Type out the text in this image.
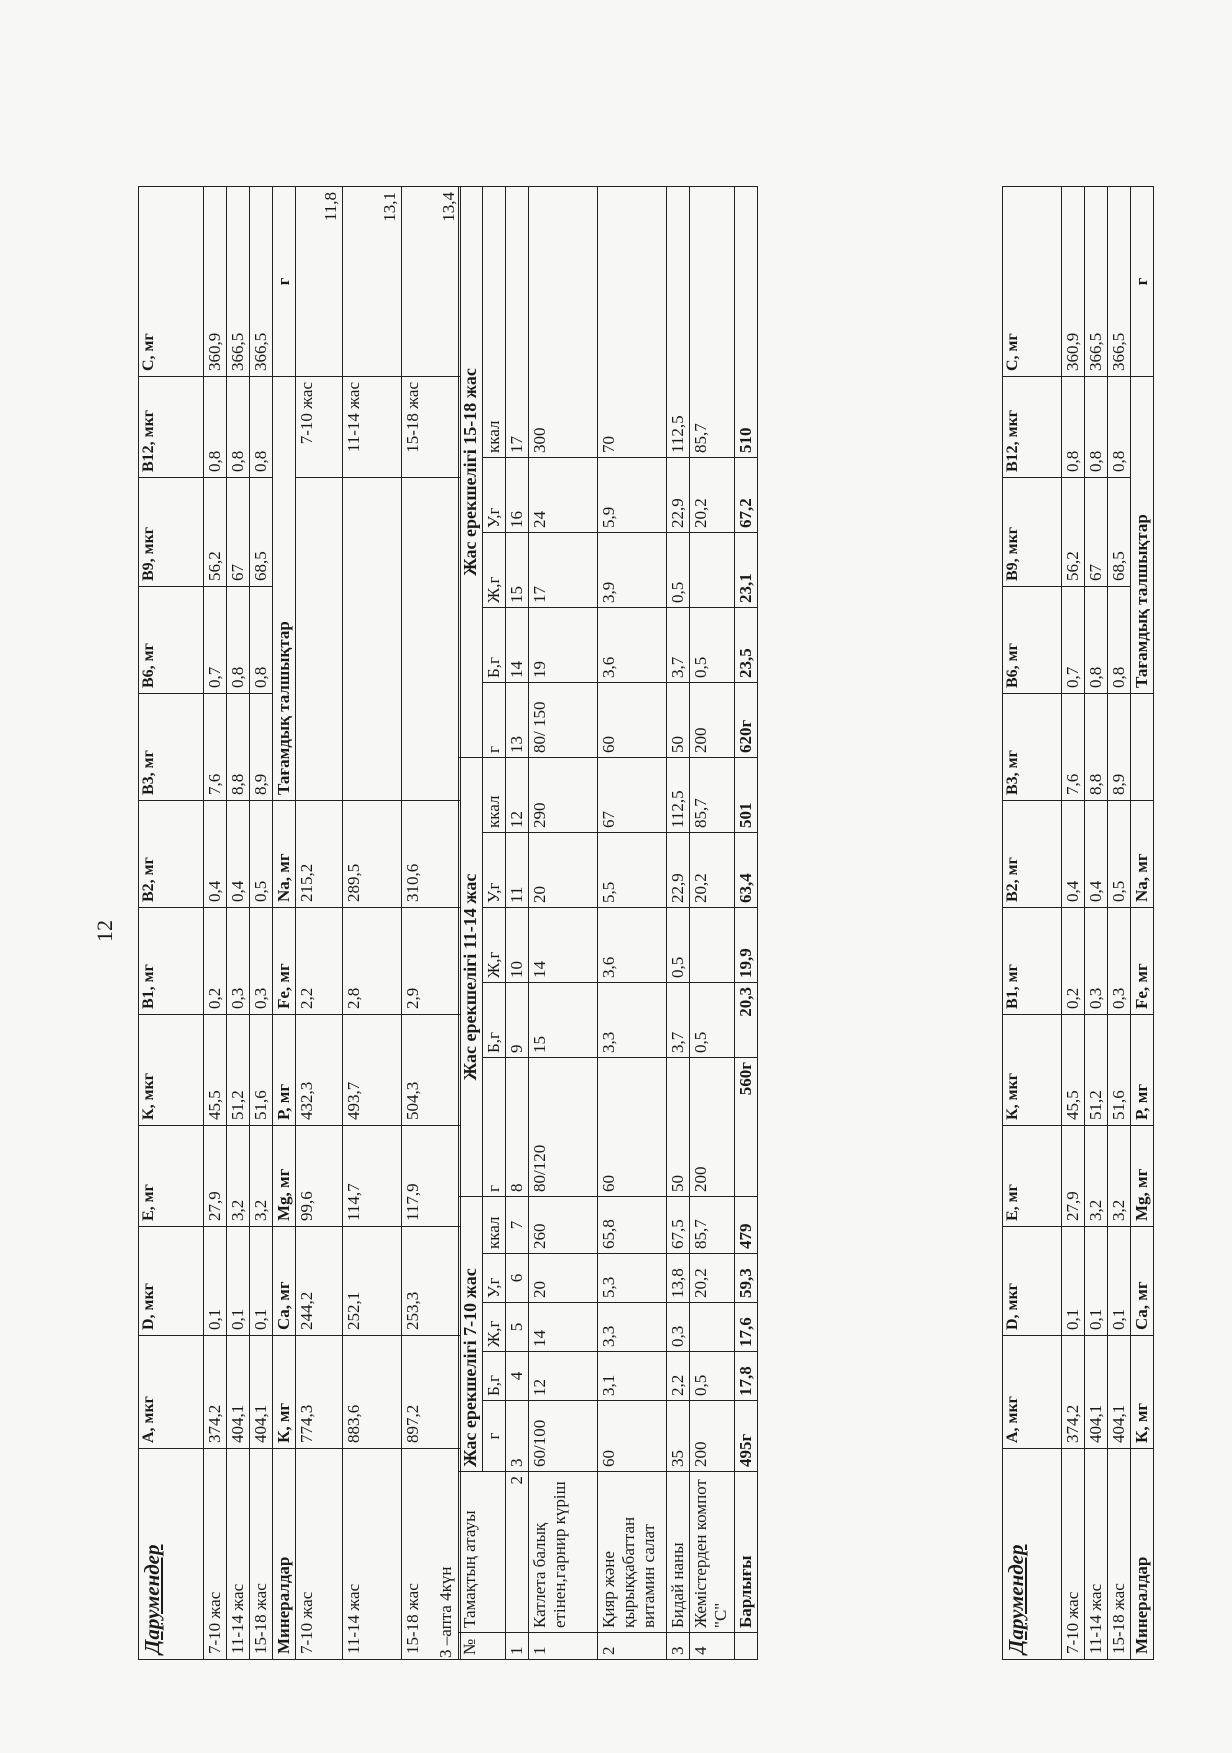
12
Дарумендер	А, мкг	D, мкг	Е, мг	К, мкг	В1, мг	В2, мг	В3, мг	В6, мг	В9, мкг	В12, мкг	С, мг
7-10 жас	374,2	0,1	27,9	45,5	0,2	0,4	7,6	0,7	56,2	0,8	360,9
11-14 жас	404,1	0,1	3,2	51,2	0,3	0,4	8,8	0,8	67	0,8	366,5
15-18 жас	404,1	0,1	3,2	51,6	0,3	0,5	8,9	0,8	68,5	0,8	366,5
Минералдар	К, мг	Са, мг	Mg, мг	Р, мг	Fe, мг	Na, мг	Тағамдық талшықтар				г
7-10 жас	774,3	244,2	99,6	432,3	2,2	215,2				7-10 жас	11,8
11-14 жас	883,6	252,1	114,7	493,7	2,8	289,5				11-14 жас	13,1
15-18 жас	897,2	253,3	117,9	504,3	2,9	310,6				15-18 жас	13,4
3 –апта 4күн №	Тамақтың атауы	Жас ерекшелігі 7-10 жас					Жас ерекшелігі 11-14 жас					Жас ерекшелігі 15-18 жас				
		г	Б,г	Ж,г	У,г	ккал	г	Б,г	Ж,г	У,г	ккал	г	Б,г	Ж,г	У,г	ккал
1	2	3	4	5	6	7	8	9	10	11	12	13	14	15	16	17
1	Катлета балық етінен,гарнир күріш	60/100	12	14	20	260	80/120	15	14	20	290	80/ 150	19	17	24	300
2	Қияр және қырыққабаттан витамин салат	60	3,1	3,3	5,3	65,8	60	3,3	3,6	5,5	67	60	3,6	3,9	5,9	70
3	Бидай наны	35	2,2	0,3	13,8	67,5	50	3,7	0,5	22,9	112,5	50	3,7	0,5	22,9	112,5
4	Жемістерден компот "С"	200	0,5		20,2	85,7	200	0,5		20,2	85,7	200	0,5		20,2	85,7
	Барлығы	495г	17,8	17,6	59,3	479	560г	20,3	19,9	63,4	501	620г	23,5	23,1	67,2	510
Дарумендер	А, мкг	D, мкг	Е, мг	К, мкг	В1, мг	В2, мг	В3, мг	В6, мг	В9, мкг	В12, мкг	С, мг
7-10 жас	374,2	0,1	27,9	45,5	0,2	0,4	7,6	0,7	56,2	0,8	360,9
11-14 жас	404,1	0,1	3,2	51,2	0,3	0,4	8,8	0,8	67	0,8	366,5
15-18 жас	404,1	0,1	3,2	51,6	0,3	0,5	8,9	0,8	68,5	0,8	366,5
Минералдар	К, мг	Са, мг	Mg, мг	Р, мг	Fe, мг	Na, мг		Тағамдық талшықтар			г
